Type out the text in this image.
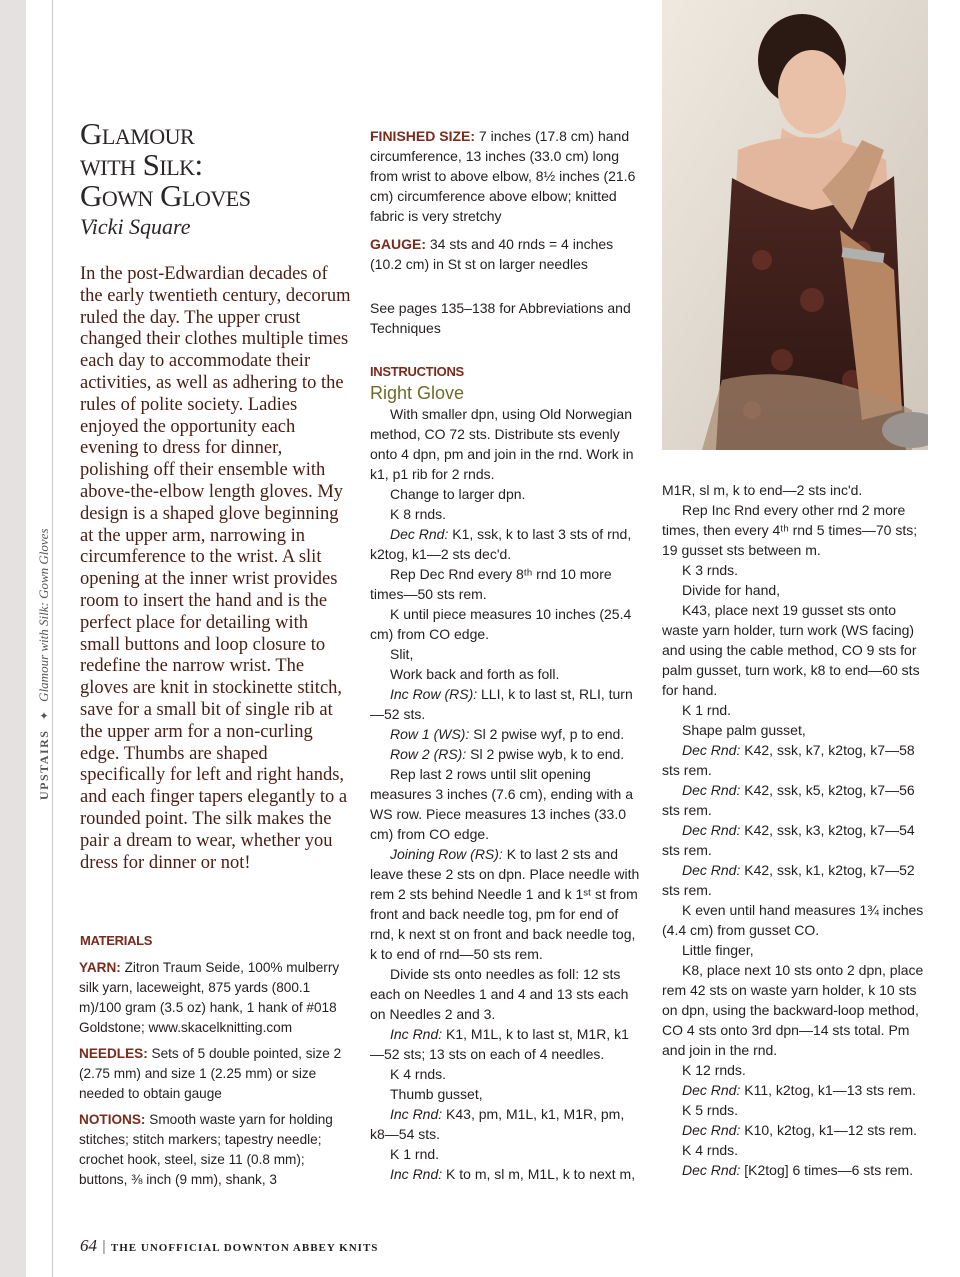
UPSTAIRS ✦ Glamour with Silk: Gown Gloves
Glamour
with Silk:
Gown Gloves
Vicki Square

In the post-Edwardian decades of the early twentieth century, decorum ruled the day. The upper crust changed their clothes multiple times each day to accommodate their activities, as well as adhering to the rules of polite society. Ladies enjoyed the opportunity each evening to dress for dinner, polishing off their ensemble with above-the-elbow length gloves. My design is a shaped glove beginning at the upper arm, narrowing in circumference to the wrist. A slit opening at the inner wrist provides room to insert the hand and is the perfect place for detailing with small buttons and loop closure to redefine the narrow wrist. The gloves are knit in stockinette stitch, save for a small bit of single rib at the upper arm for a non-curling edge. Thumbs are shaped specifically for left and right hands, and each finger tapers elegantly to a rounded point. The silk makes the pair a dream to wear, whether you dress for dinner or not!

MATERIALS

YARN: Zitron Traum Seide, 100% mulberry silk yarn, laceweight, 875 yards (800.1 m)/100 gram (3.5 oz) hank, 1 hank of #018 Goldstone; www.skacelknitting.com

NEEDLES: Sets of 5 double pointed, size 2 (2.75 mm) and size 1 (2.25 mm) or size needed to obtain gauge

NOTIONS: Smooth waste yarn for holding stitches; stitch markers; tapestry needle; crochet hook, steel, size 11 (0.8 mm); buttons, ⅜ inch (9 mm), shank, 3

FINISHED SIZE: 7 inches (17.8 cm) hand circumference, 13 inches (33.0 cm) long from wrist to above elbow, 8½ inches (21.6 cm) circumference above elbow; knitted fabric is very stretchy

GAUGE: 34 sts and 40 rnds = 4 inches (10.2 cm) in St st on larger needles

See pages 135–138 for Abbreviations and Techniques

INSTRUCTIONS

Right Glove

With smaller dpn, using Old Norwegian method, CO 72 sts. Distribute sts evenly onto 4 dpn, pm and join in the rnd. Work in k1, p1 rib for 2 rnds.

Change to larger dpn.

K 8 rnds.

Dec Rnd: K1, ssk, k to last 3 sts of rnd, k2tog, k1—2 sts dec'd.

Rep Dec Rnd every 8ᵗʰ rnd 10 more times—50 sts rem.

K until piece measures 10 inches (25.4 cm) from CO edge.

Slit,

Work back and forth as foll.

Inc Row (RS): LLI, k to last st, RLI, turn—52 sts.

Row 1 (WS): Sl 2 pwise wyf, p to end.

Row 2 (RS): Sl 2 pwise wyb, k to end.

Rep last 2 rows until slit opening measures 3 inches (7.6 cm), ending with a WS row. Piece measures 13 inches (33.0 cm) from CO edge.

Joining Row (RS): K to last 2 sts and leave these 2 sts on dpn. Place needle with rem 2 sts behind Needle 1 and k 1ˢᵗ st from front and back needle tog, pm for end of rnd, k next st on front and back needle tog, k to end of rnd—50 sts rem.

Divide sts onto needles as foll: 12 sts each on Needles 1 and 4 and 13 sts each on Needles 2 and 3.

Inc Rnd: K1, M1L, k to last st, M1R, k1—52 sts; 13 sts on each of 4 needles.

K 4 rnds.

Thumb gusset,

Inc Rnd: K43, pm, M1L, k1, M1R, pm, k8—54 sts.

K 1 rnd.

Inc Rnd: K to m, sl m, M1L, k to next m,

M1R, sl m, k to end—2 sts inc'd.

Rep Inc Rnd every other rnd 2 more times, then every 4ᵗʰ rnd 5 times—70 sts; 19 gusset sts between m.

K 3 rnds.

Divide for hand,

K43, place next 19 gusset sts onto waste yarn holder, turn work (WS facing) and using the cable method, CO 9 sts for palm gusset, turn work, k8 to end—60 sts for hand.

K 1 rnd.

Shape palm gusset,

Dec Rnd: K42, ssk, k7, k2tog, k7—58 sts rem.

Dec Rnd: K42, ssk, k5, k2tog, k7—56 sts rem.

Dec Rnd: K42, ssk, k3, k2tog, k7—54 sts rem.

Dec Rnd: K42, ssk, k1, k2tog, k7—52 sts rem.

K even until hand measures 1¾ inches (4.4 cm) from gusset CO.

Little finger,

K8, place next 10 sts onto 2 dpn, place rem 42 sts on waste yarn holder, k 10 sts on dpn, using the backward-loop method, CO 4 sts onto 3rd dpn—14 sts total. Pm and join in the rnd.

K 12 rnds.

Dec Rnd: K11, k2tog, k1—13 sts rem.

K 5 rnds.

Dec Rnd: K10, k2tog, k1—12 sts rem.

K 4 rnds.

Dec Rnd: [K2tog] 6 times—6 sts rem.

64 | THE UNOFFICIAL DOWNTON ABBEY KNITS
